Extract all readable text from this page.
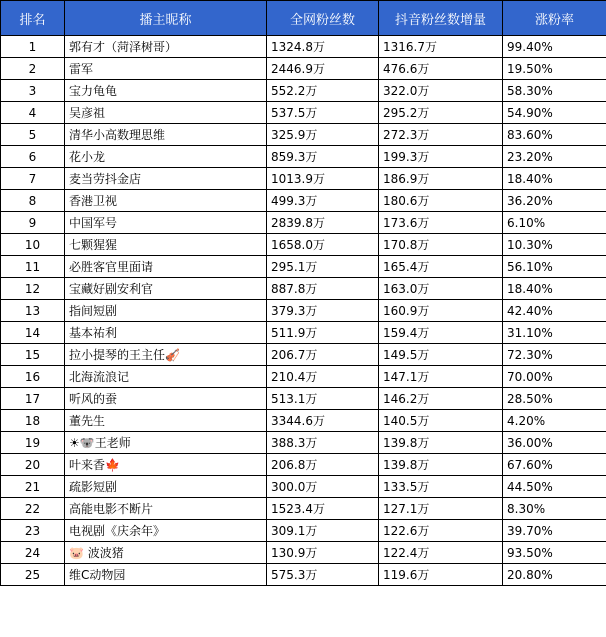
排名	播主昵称	全网粉丝数	抖音粉丝数增量	涨粉率
1	郭有才（菏泽树哥）	1324.8万	1316.7万	99.40%
2	雷军	2446.9万	476.6万	19.50%
3	宝力龟龟	552.2万	322.0万	58.30%
4	吴彦祖	537.5万	295.2万	54.90%
5	清华小高数理思维	325.9万	272.3万	83.60%
6	花小龙	859.3万	199.3万	23.20%
7	麦当劳抖金店	1013.9万	186.9万	18.40%
8	香港卫视	499.3万	180.6万	36.20%
9	中国军号	2839.8万	173.6万	6.10%
10	七颗猩猩	1658.0万	170.8万	10.30%
11	必胜客官里面请	295.1万	165.4万	56.10%
12	宝藏好剧安利官	887.8万	163.0万	18.40%
13	指间短剧	379.3万	160.9万	42.40%
14	基本祐利	511.9万	159.4万	31.10%
15	拉小提琴的王主任🎻	206.7万	149.5万	72.30%
16	北海流浪记	210.4万	147.1万	70.00%
17	听风的蚕	513.1万	146.2万	28.50%
18	董先生	3344.6万	140.5万	4.20%
19	☀🐨王老师	388.3万	139.8万	36.00%
20	叶来香🍁	206.8万	139.8万	67.60%
21	疏影短剧	300.0万	133.5万	44.50%
22	高能电影不断片	1523.4万	127.1万	8.30%
23	电视剧《庆余年》	309.1万	122.6万	39.70%
24	🐷 波波猪	130.9万	122.4万	93.50%
25	维C动物园	575.3万	119.6万	20.80%
